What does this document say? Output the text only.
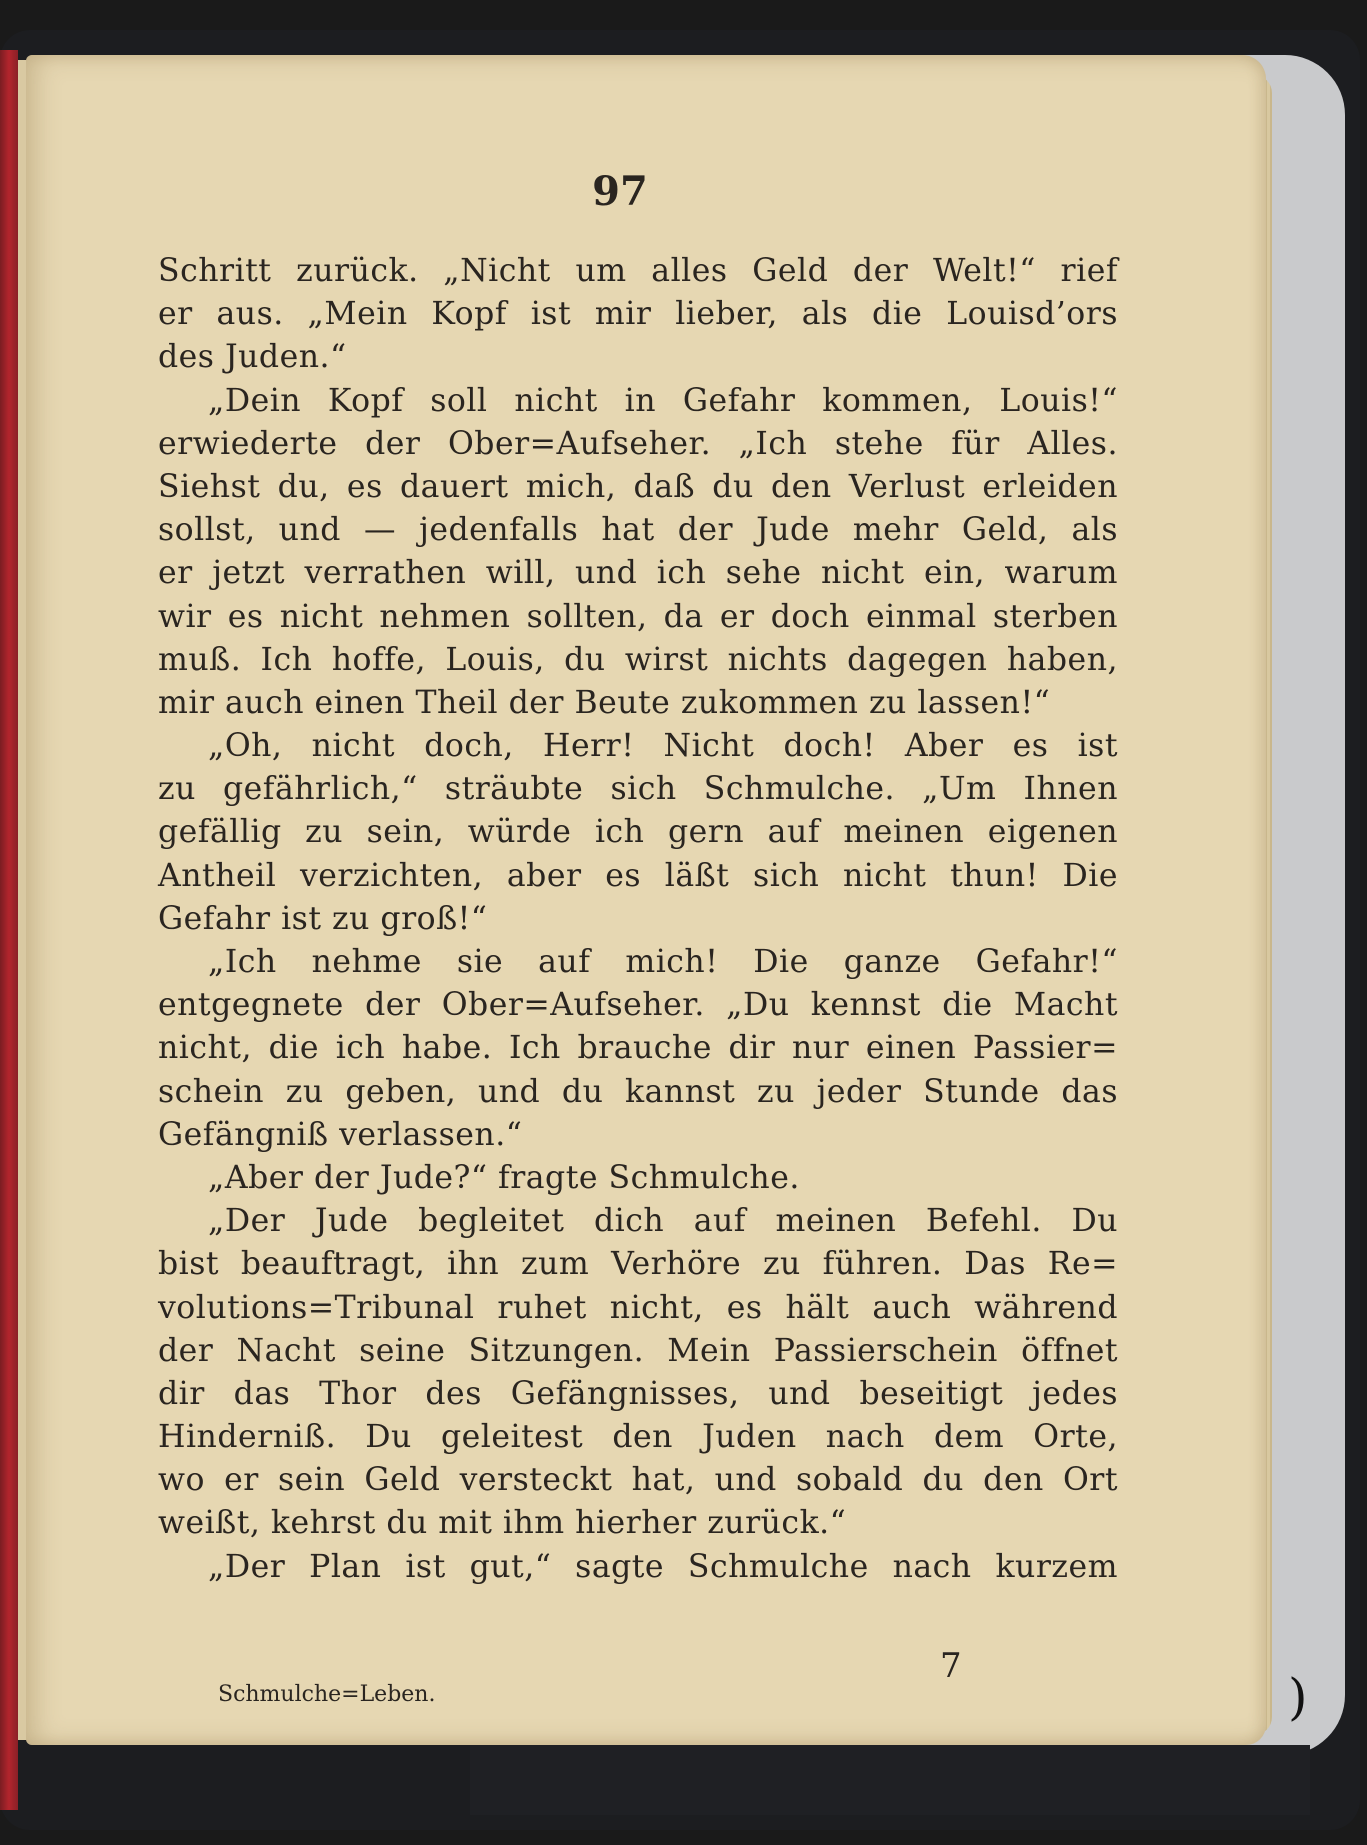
97
Schritt zurück. „Nicht um alles Geld der Welt!“ rief
er aus. „Mein Kopf ist mir lieber, als die Louisd’ors
des Juden.“
„Dein Kopf soll nicht in Gefahr kommen, Louis!“
erwiederte der Ober=Aufseher. „Ich stehe für Alles.
Siehst du, es dauert mich, daß du den Verlust erleiden
sollst, und — jedenfalls hat der Jude mehr Geld, als
er jetzt verrathen will, und ich sehe nicht ein, warum
wir es nicht nehmen sollten, da er doch einmal sterben
muß. Ich hoffe, Louis, du wirst nichts dagegen haben,
mir auch einen Theil der Beute zukommen zu lassen!“
„Oh, nicht doch, Herr! Nicht doch! Aber es ist
zu gefährlich,“ sträubte sich Schmulche. „Um Ihnen
gefällig zu sein, würde ich gern auf meinen eigenen
Antheil verzichten, aber es läßt sich nicht thun! Die
Gefahr ist zu groß!“
„Ich nehme sie auf mich! Die ganze Gefahr!“
entgegnete der Ober=Aufseher. „Du kennst die Macht
nicht, die ich habe. Ich brauche dir nur einen Passier=
schein zu geben, und du kannst zu jeder Stunde das
Gefängniß verlassen.“
„Aber der Jude?“ fragte Schmulche.
„Der Jude begleitet dich auf meinen Befehl. Du
bist beauftragt, ihn zum Verhöre zu führen. Das Re=
volutions=Tribunal ruhet nicht, es hält auch während
der Nacht seine Sitzungen. Mein Passierschein öffnet
dir das Thor des Gefängnisses, und beseitigt jedes
Hinderniß. Du geleitest den Juden nach dem Orte,
wo er sein Geld versteckt hat, und sobald du den Ort
weißt, kehrst du mit ihm hierher zurück.“
„Der Plan ist gut,“ sagte Schmulche nach kurzem
Schmulche=Leben.
7
)
